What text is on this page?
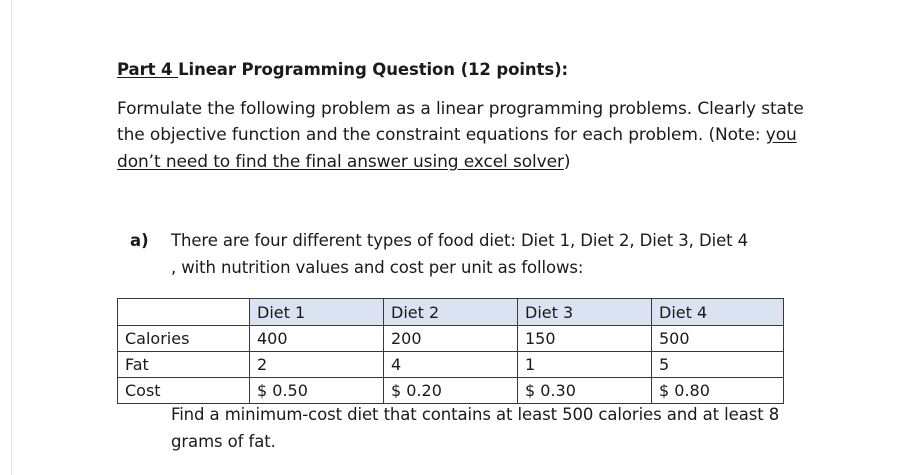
Part 4 Linear Programming Question (12 points):
Formulate the following problem as a linear programming problems. Clearly state
the objective function and the constraint equations for each problem. (Note: you
don’t need to find the final answer using excel solver)
a) There are four different types of food diet: Diet 1, Diet 2, Diet 3, Diet 4
, with nutrition values and cost per unit as follows:
	Diet 1	Diet 2	Diet 3	Diet 4
Calories	400	200	150	500
Fat	2	4	1	5
Cost	$ 0.50	$ 0.20	$ 0.30	$ 0.80
Find a minimum-cost diet that contains at least 500 calories and at least 8
grams of fat.
